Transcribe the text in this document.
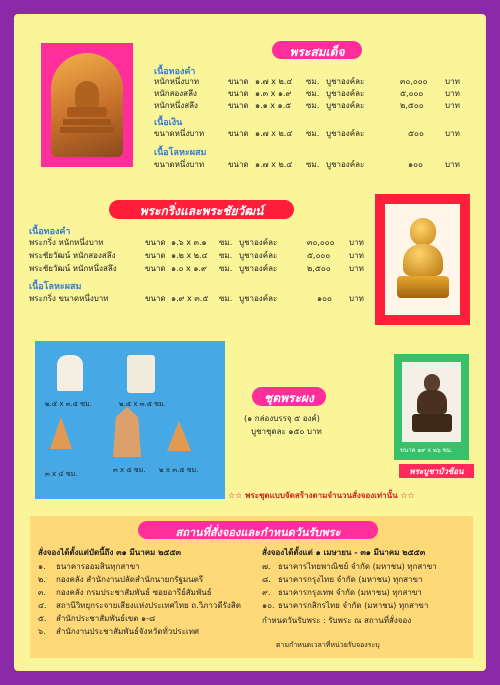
พระสมเด็จ
เนื้อทองคำ
หนักหนึ่งบาท	ขนาด ๑.๗ x ๒.๔ ซม. บูชาองค์ละ	๓๐,๐๐๐ บาท
หนักสองสลึง	ขนาด ๑.๓ x ๑.๙ ซม. บูชาองค์ละ	๕,๐๐๐	บาท
หนักหนึ่งสลึง	ขนาด ๑.๑ x ๑.๕ ซม. บูชาองค์ละ	๒,๕๐๐	บาท
เนื้อเงิน
ขนาดหนึ่งบาท	ขนาด ๑.๗ x ๒.๔ ซม. บูชาองค์ละ	๕๐๐	บาท
เนื้อโลหะผสม
ขนาดหนึ่งบาท	ขนาด ๑.๗ x ๒.๔ ซม. บูชาองค์ละ	๑๐๐	บาท
พระกริ่งและพระชัยวัฒน์
เนื้อทองคำ
พระกริ่ง หนักหนึ่งบาท	ขนาด ๑.๖ x ๓.๑ ซม. บูชาองค์ละ	๓๐,๐๐๐ บาท
พระชัยวัฒน์ หนักสองสลึง	ขนาด ๑.๒ x ๒.๔ ซม. บูชาองค์ละ	๕,๐๐๐ บาท
พระชัยวัฒน์ หนักหนึ่งสลึง	ขนาด ๑.๐ x ๑.๙ ซม. บูชาองค์ละ	๒,๕๐๐ บาท
เนื้อโลหะผสม
พระกริ่ง ขนาดหนึ่งบาท	ขนาด ๑.๙ x ๓.๕ ซม. บูชาองค์ละ	๑๐๐ บาท
๒.๕ x ๓.๕ ซม.	๒.๕ x ๓.๕ ซม.
๓ x ๔ ซม.	๓ x ๕ ซม. ๒ x ๓.๕ ซม.
ชุดพระผง
(๑ กล่องบรรจุ ๕ องค์)
บูชาชุดละ ๑๕๐ บาท
ขนาด ๑๙ x ๒๖ ซม.
พระบูชาบัวซ้อน
☆☆ พระชุดแบบจัดสร้างตามจำนวนสั่งจองเท่านั้น ☆☆
สถานที่สั่งจองและกำหนดวันรับพระ
สั่งจองได้ตั้งแต่บัดนี้ถึง ๓๑ มีนาคม ๒๕๕๓	สั่งจองได้ตั้งแต่ ๑ เมษายน - ๓๑ มีนาคม ๒๕๕๓
๑. ธนาคารออมสินทุกสาขา
๒. กองคลัง สำนักงานปลัดสำนักนายกรัฐมนตรี
๓. กองคลัง กรมประชาสัมพันธ์ ซอยอารีย์สัมพันธ์
๔. สถานีวิทยุกระจายเสียงแห่งประเทศไทย ถ.วิภาวดีรังสิต
๕. สำนักประชาสัมพันธ์เขต ๑-๘
๖. สำนักงานประชาสัมพันธ์จังหวัดทั่วประเทศ
๗. ธนาคารไทยพาณิชย์ จำกัด (มหาชน) ทุกสาขา
๘. ธนาคารกรุงไทย จำกัด (มหาชน) ทุกสาขา
๙. ธนาคารกรุงเทพ จำกัด (มหาชน) ทุกสาขา
๑๐. ธนาคารกสิกรไทย จำกัด (มหาชน) ทุกสาขา
กำหนดวันรับพระ : รับพระ ณ สถานที่สั่งจอง
ตามกำหนดเวลาที่หน่วยรับจองระบุ
